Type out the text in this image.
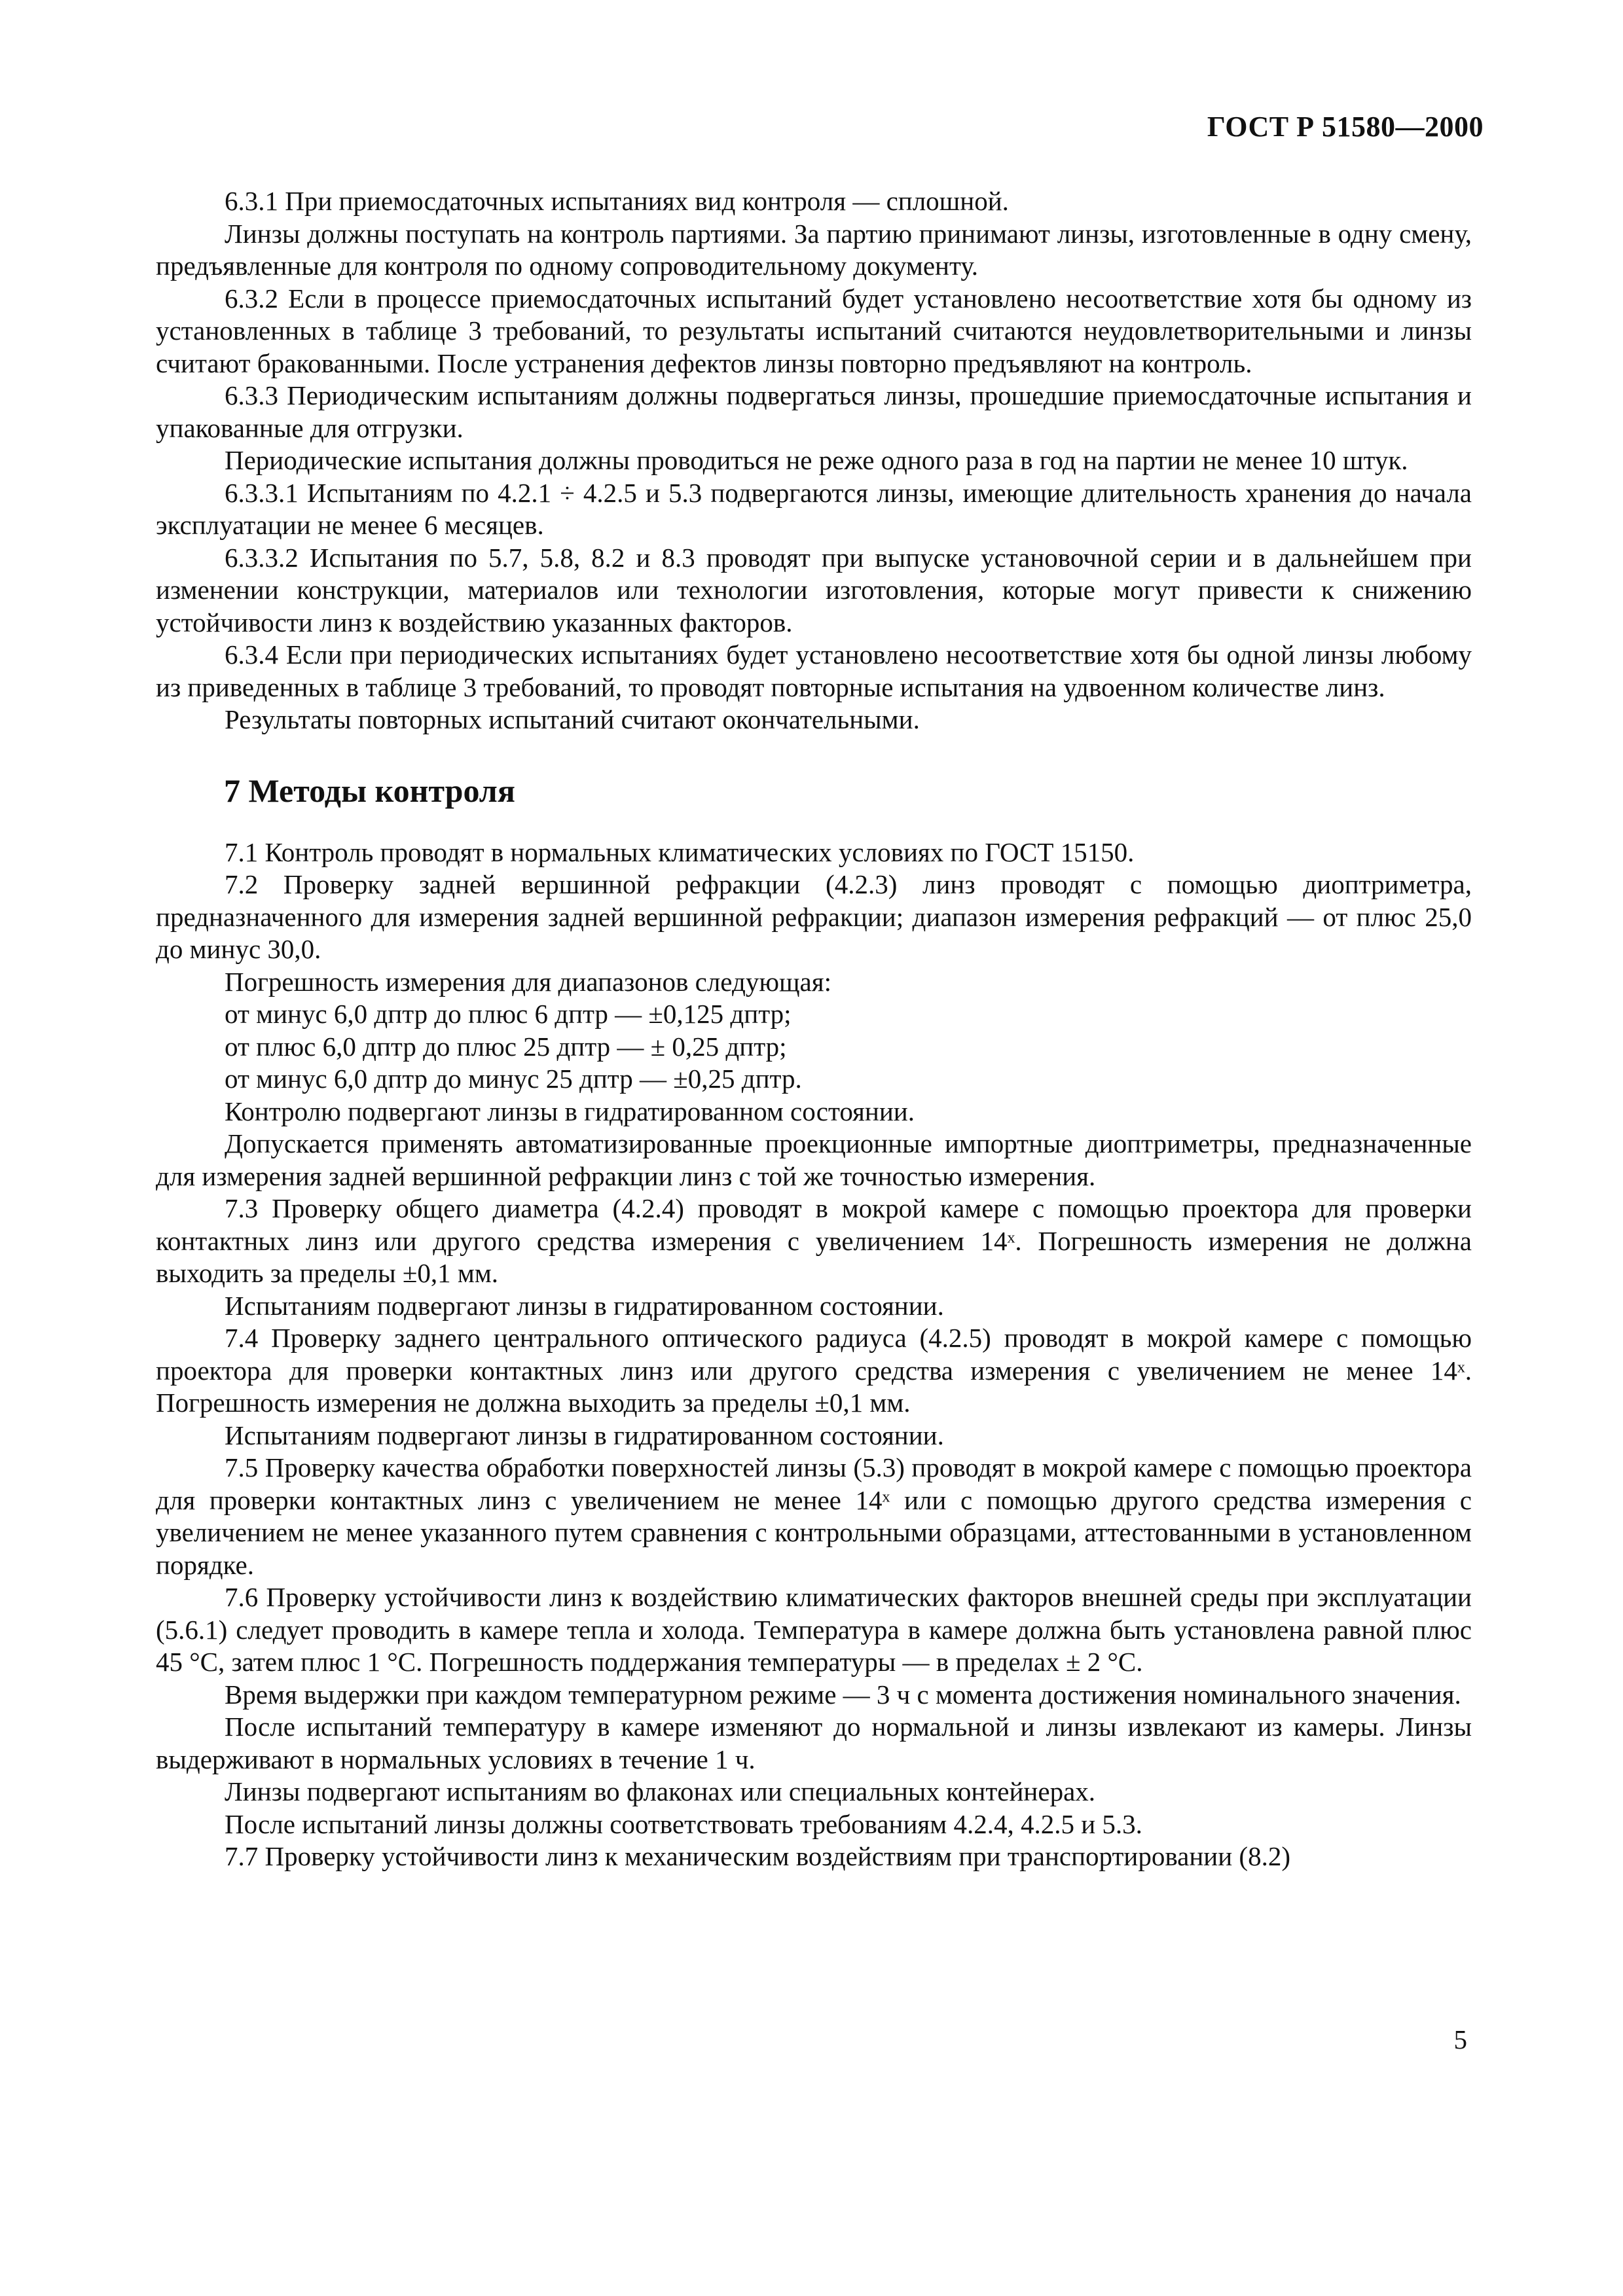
ГОСТ Р 51580—2000

6.3.1 При приемосдаточных испытаниях вид контроля — сплошной.

Линзы должны поступать на контроль партиями. За партию принимают линзы, изготовленные в одну смену, предъявленные для контроля по одному сопроводительному документу.

6.3.2 Если в процессе приемосдаточных испытаний будет установлено несоответствие хотя бы одному из установленных в таблице 3 требований, то результаты испытаний считаются неудовлетворительными и линзы считают бракованными. После устранения дефектов линзы повторно предъявляют на контроль.

6.3.3 Периодическим испытаниям должны подвергаться линзы, прошедшие приемосдаточные испытания и упакованные для отгрузки.

Периодические испытания должны проводиться не реже одного раза в год на партии не менее 10 штук.

6.3.3.1 Испытаниям по 4.2.1 ÷ 4.2.5 и 5.3 подвергаются линзы, имеющие длительность хранения до начала эксплуатации не менее 6 месяцев.

6.3.3.2 Испытания по 5.7, 5.8, 8.2 и 8.3 проводят при выпуске установочной серии и в дальнейшем при изменении конструкции, материалов или технологии изготовления, которые могут привести к снижению устойчивости линз к воздействию указанных факторов.

6.3.4 Если при периодических испытаниях будет установлено несоответствие хотя бы одной линзы любому из приведенных в таблице 3 требований, то проводят повторные испытания на удвоенном количестве линз.

Результаты повторных испытаний считают окончательными.

7 Методы контроля

7.1 Контроль проводят в нормальных климатических условиях по ГОСТ 15150.

7.2 Проверку задней вершинной рефракции (4.2.3) линз проводят с помощью диоптриметра, предназначенного для измерения задней вершинной рефракции; диапазон измерения рефракций — от плюс 25,0 до минус 30,0.

Погрешность измерения для диапазонов следующая:

от минус 6,0 дптр до плюс 6 дптр — ±0,125 дптр;

от плюс 6,0 дптр до плюс 25 дптр — ± 0,25 дптр;

от минус 6,0 дптр до минус 25 дптр — ±0,25 дптр.

Контролю подвергают линзы в гидратированном состоянии.

Допускается применять автоматизированные проекционные импортные диоптриметры, предназначенные для измерения задней вершинной рефракции линз с той же точностью измерения.

7.3 Проверку общего диаметра (4.2.4) проводят в мокрой камере с помощью проектора для проверки контактных линз или другого средства измерения с увеличением 14ˣ. Погрешность измерения не должна выходить за пределы ±0,1 мм.

Испытаниям подвергают линзы в гидратированном состоянии.

7.4 Проверку заднего центрального оптического радиуса (4.2.5) проводят в мокрой камере с помощью проектора для проверки контактных линз или другого средства измерения с увеличением не менее 14ˣ. Погрешность измерения не должна выходить за пределы ±0,1 мм.

Испытаниям подвергают линзы в гидратированном состоянии.

7.5 Проверку качества обработки поверхностей линзы (5.3) проводят в мокрой камере с помощью проектора для проверки контактных линз с увеличением не менее 14ˣ или с помощью другого средства измерения с увеличением не менее указанного путем сравнения с контрольными образцами, аттестованными в установленном порядке.

7.6 Проверку устойчивости линз к воздействию климатических факторов внешней среды при эксплуатации (5.6.1) следует проводить в камере тепла и холода. Температура в камере должна быть установлена равной плюс 45 °С, затем плюс 1 °С. Погрешность поддержания температуры — в пределах ± 2 °С.

Время выдержки при каждом температурном режиме — 3 ч с момента достижения номинального значения.

После испытаний температуру в камере изменяют до нормальной и линзы извлекают из камеры. Линзы выдерживают в нормальных условиях в течение 1 ч.

Линзы подвергают испытаниям во флаконах или специальных контейнерах.

После испытаний линзы должны соответствовать требованиям 4.2.4, 4.2.5 и 5.3.

7.7 Проверку устойчивости линз к механическим воздействиям при транспортировании (8.2)

5
